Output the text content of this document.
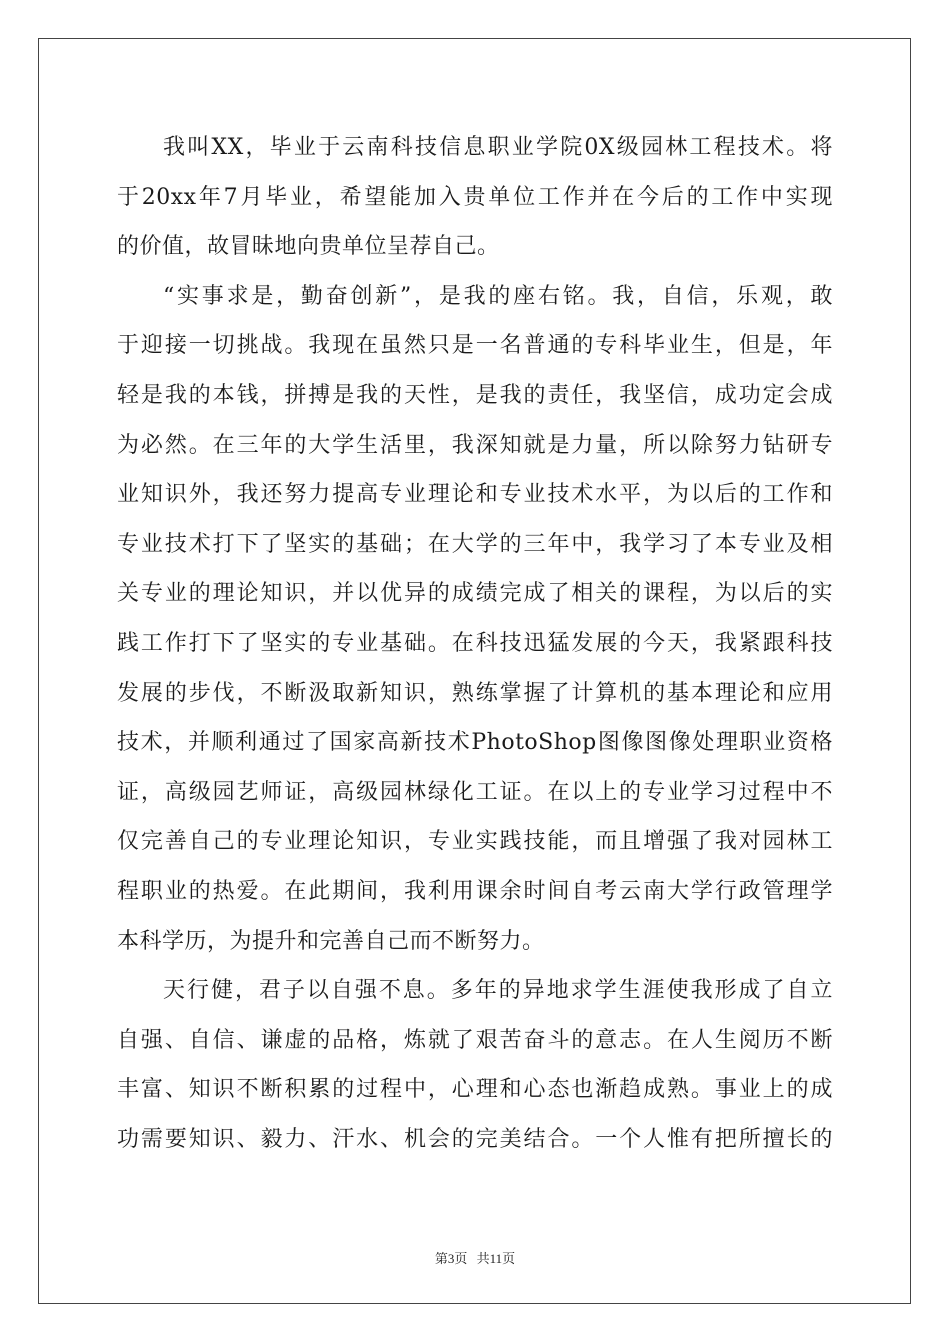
我叫XX，毕业于云南科技信息职业学院0X级园林工程技术。将
于20xx年7月毕业，希望能加入贵单位工作并在今后的工作中实现
的价值，故冒昧地向贵单位呈荐自己。
“实事求是，勤奋创新”，是我的座右铭。我，自信，乐观，敢
于迎接一切挑战。我现在虽然只是一名普通的专科毕业生，但是，年
轻是我的本钱，拼搏是我的天性，是我的责任，我坚信，成功定会成
为必然。在三年的大学生活里，我深知就是力量，所以除努力钻研专
业知识外，我还努力提高专业理论和专业技术水平，为以后的工作和
专业技术打下了坚实的基础；在大学的三年中，我学习了本专业及相
关专业的理论知识，并以优异的成绩完成了相关的课程，为以后的实
践工作打下了坚实的专业基础。在科技迅猛发展的今天，我紧跟科技
发展的步伐，不断汲取新知识，熟练掌握了计算机的基本理论和应用
技术，并顺利通过了国家高新技术PhotoShop图像图像处理职业资格
证，高级园艺师证，高级园林绿化工证。在以上的专业学习过程中不
仅完善自己的专业理论知识，专业实践技能，而且增强了我对园林工
程职业的热爱。在此期间，我利用课余时间自考云南大学行政管理学
本科学历，为提升和完善自己而不断努力。
天行健，君子以自强不息。多年的异地求学生涯使我形成了自立
自强、自信、谦虚的品格，炼就了艰苦奋斗的意志。在人生阅历不断
丰富、知识不断积累的过程中，心理和心态也渐趋成熟。事业上的成
功需要知识、毅力、汗水、机会的完美结合。一个人惟有把所擅长的
第3页 共11页
